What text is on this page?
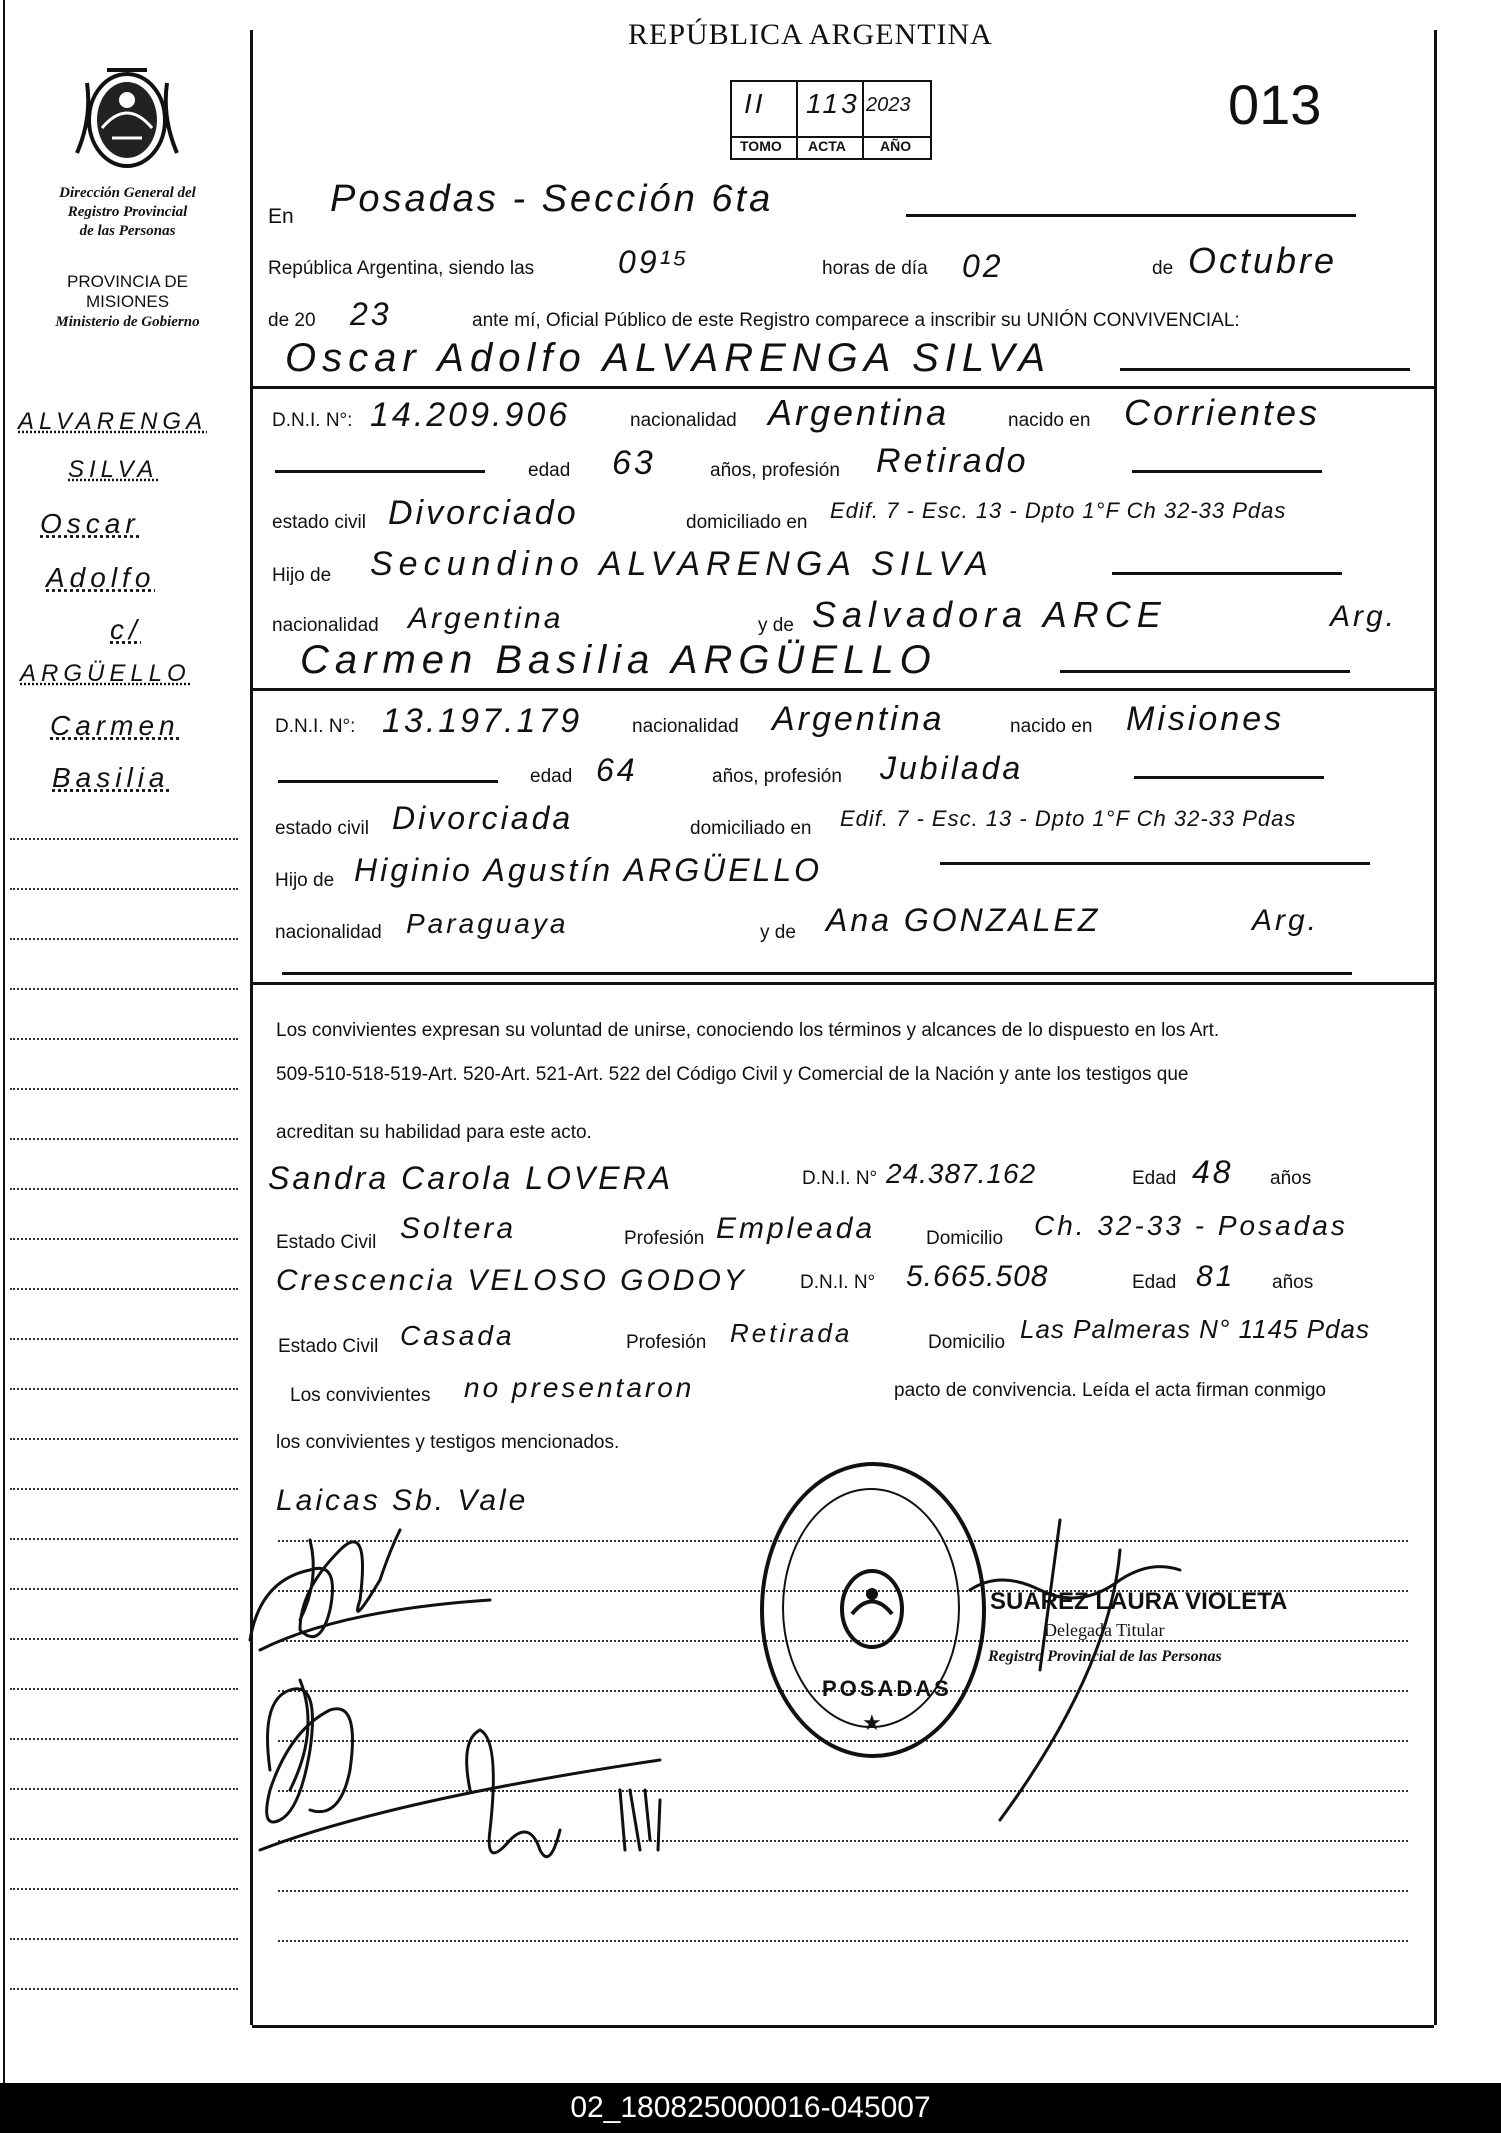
REPÚBLICA ARGENTINA
II 113 2023
TOMO ACTA AÑO
013
Dirección General del
Registro Provincial
de las Personas
PROVINCIA DE
MISIONES
Ministerio de Gobierno
ALVARENGA
SILVA
Oscar
Adolfo
c/
ARGÜELLO
Carmen
Basilia
En Posadas - Sección 6ta
República Argentina, siendo las	09¹⁵	horas de día 02	de Octubre
de 20 23	ante mí, Oficial Público de este Registro comparece a inscribir su UNIÓN CONVIVENCIAL:
Oscar Adolfo ALVARENGA SILVA
D.N.I. N°: 14.209.906	nacionalidad Argentina	nacido en Corrientes
edad 63	años, profesión Retirado
estado civil Divorciado	domiciliado en Edif. 7 - Esc. 13 - Dpto 1°F Ch 32-33 Pdas
Hijo de Secundino ALVARENGA SILVA
nacionalidad Argentina	y de Salvadora ARCE	Arg.
Carmen Basilia ARGÜELLO
D.N.I. N°: 13.197.179	nacionalidad Argentina	nacido en Misiones
edad 64	años, profesión Jubilada
estado civil Divorciada	domiciliado en Edif. 7 - Esc. 13 - Dpto 1°F Ch 32-33 Pdas
Hijo de Higinio Agustín ARGÜELLO
nacionalidad Paraguaya	y de Ana GONZALEZ	Arg.
Los convivientes expresan su voluntad de unirse, conociendo los términos y alcances de lo dispuesto en los Art.
509-510-518-519-Art. 520-Art. 521-Art. 522 del Código Civil y Comercial de la Nación y ante los testigos que
acreditan su habilidad para este acto.
Sandra Carola LOVERA	D.N.I. N° 24.387.162	Edad 48 años
Estado Civil Soltera	Profesión Empleada	Domicilio Ch. 32-33 - Posadas
Crescencia VELOSO GODOY	D.N.I. N° 5.665.508	Edad 81 años
Estado Civil Casada	Profesión Retirada	Domicilio Las Palmeras N° 1145 Pdas
Los convivientes no presentaron	pacto de convivencia. Leída el acta firman conmigo
los convivientes y testigos mencionados.
Laicas Sb. Vale
POSADAS
★
SUAREZ LAURA VIOLETA
Delegada Titular
Registro Provincial de las Personas
02_180825000016-045007
